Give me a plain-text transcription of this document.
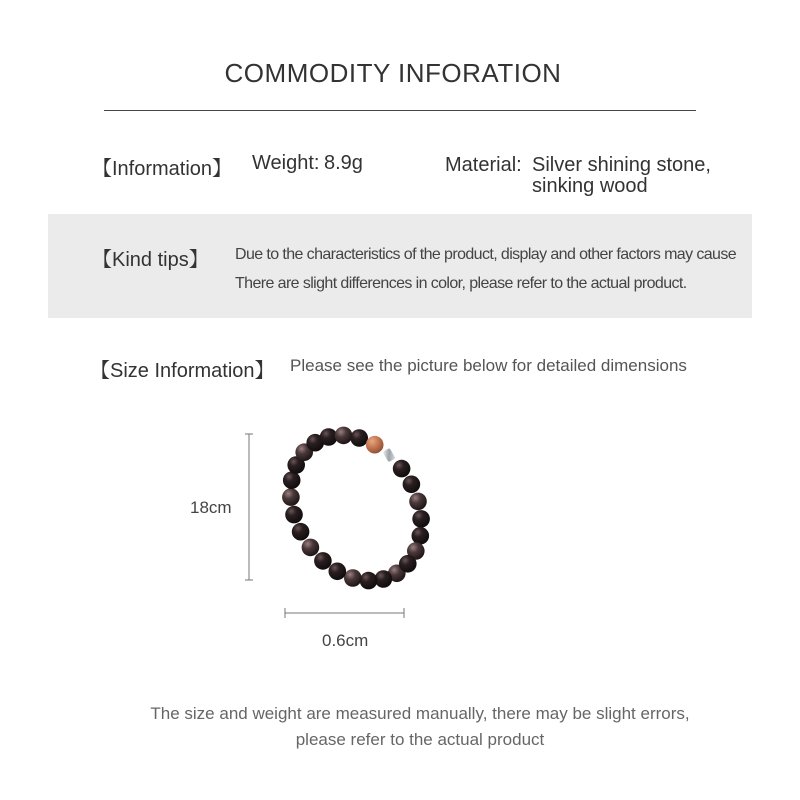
COMMODITY INFORATION
【Information】 Weight: 8.9g	Material: Silver shining stone,
sinking wood
【Kind tips】 Due to the characteristics of the product, display and other factors may cause
There are slight differences in color, please refer to the actual product.
【Size Information】 Please see the picture below for detailed dimensions
18cm
0.6cm
The size and weight are measured manually, there may be slight errors,
please refer to the actual product
